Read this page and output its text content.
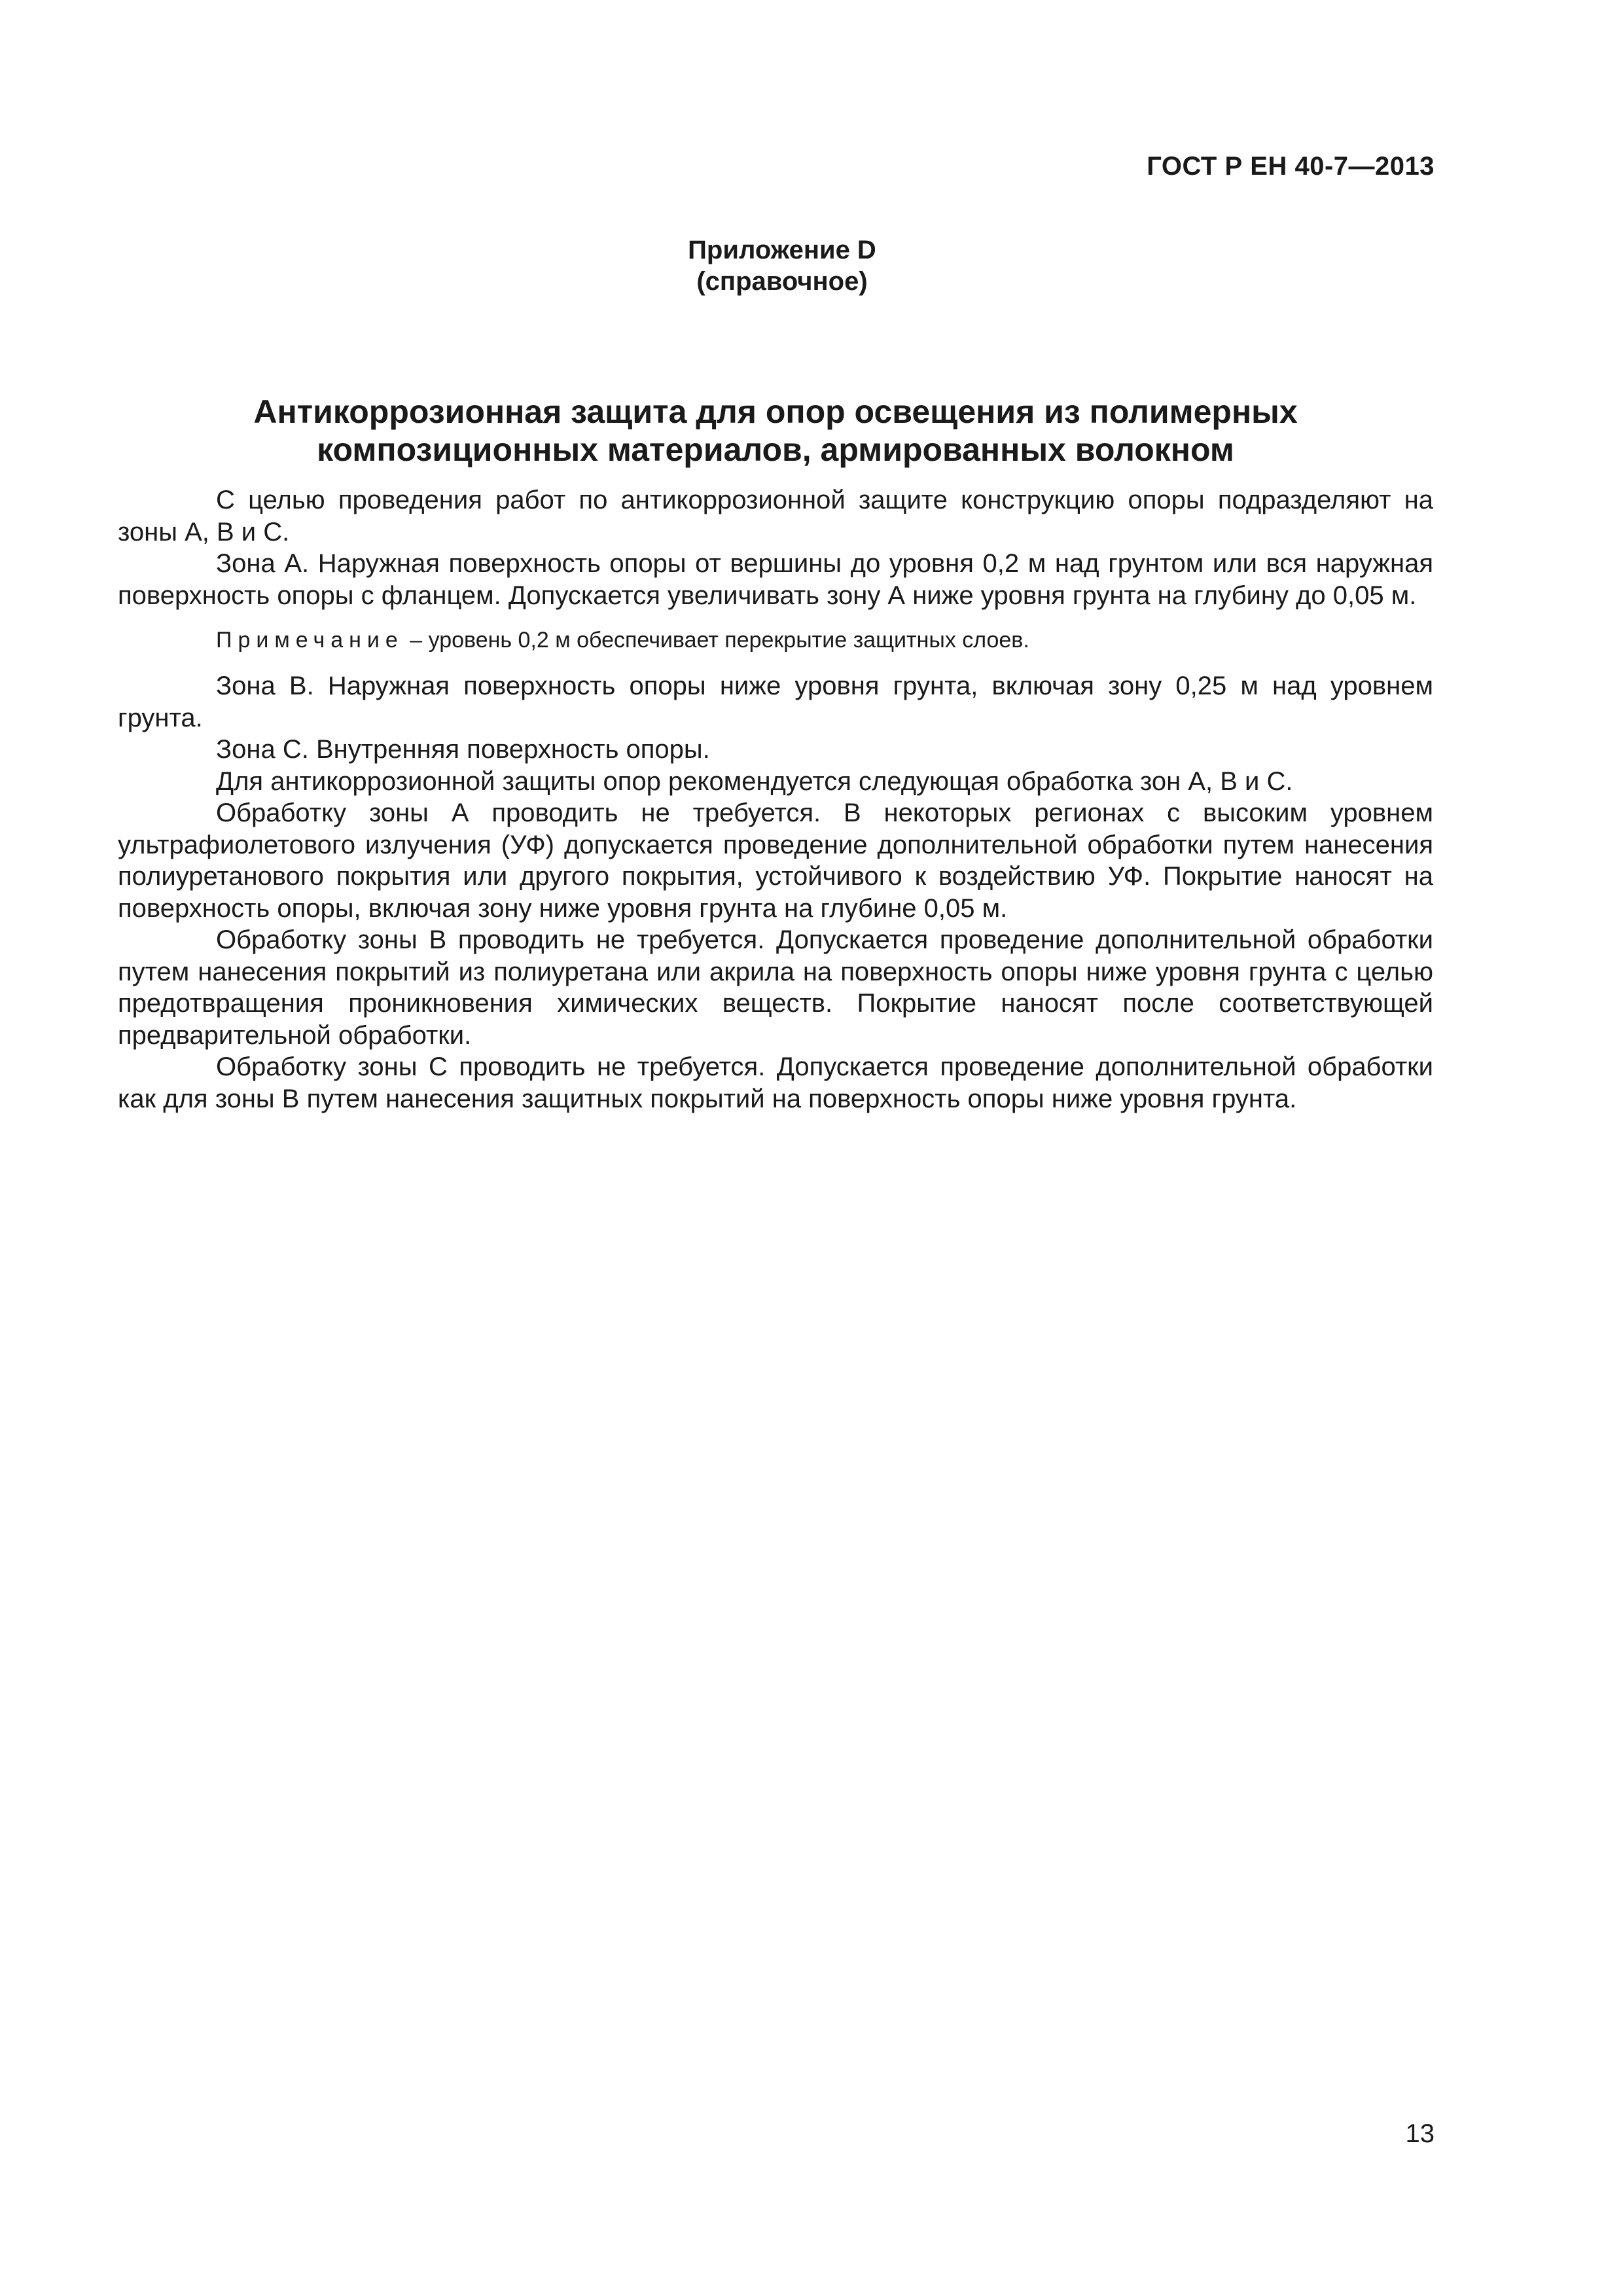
ГОСТ Р ЕН 40-7—2013
Приложение D
(справочное)
Антикоррозионная защита для опор освещения из полимерных композиционных материалов, армированных волокном

С целью проведения работ по антикоррозионной защите конструкцию опоры подразделяют на зоны А, В и С.

Зона А. Наружная поверхность опоры от вершины до уровня 0,2 м над грунтом или вся наружная поверхность опоры с фланцем. Допускается увеличивать зону А ниже уровня грунта на глубину до 0,05 м.

Примечание – уровень 0,2 м обеспечивает перекрытие защитных слоев.

Зона В. Наружная поверхность опоры ниже уровня грунта, включая зону 0,25 м над уровнем грунта.

Зона С. Внутренняя поверхность опоры.

Для антикоррозионной защиты опор рекомендуется следующая обработка зон А, В и С.

Обработку зоны А проводить не требуется. В некоторых регионах с высоким уровнем ультрафиолетового излучения (УФ) допускается проведение дополнительной обработки путем нанесения полиуретанового покрытия или другого покрытия, устойчивого к воздействию УФ. Покрытие наносят на поверхность опоры, включая зону ниже уровня грунта на глубине 0,05 м.

Обработку зоны В проводить не требуется. Допускается проведение дополнительной обработки путем нанесения покрытий из полиуретана или акрила на поверхность опоры ниже уровня грунта с целью предотвращения проникновения химических веществ. Покрытие наносят после соответствующей предварительной обработки.

Обработку зоны С проводить не требуется. Допускается проведение дополнительной обработки как для зоны В путем нанесения защитных покрытий на поверхность опоры ниже уровня грунта.

13
